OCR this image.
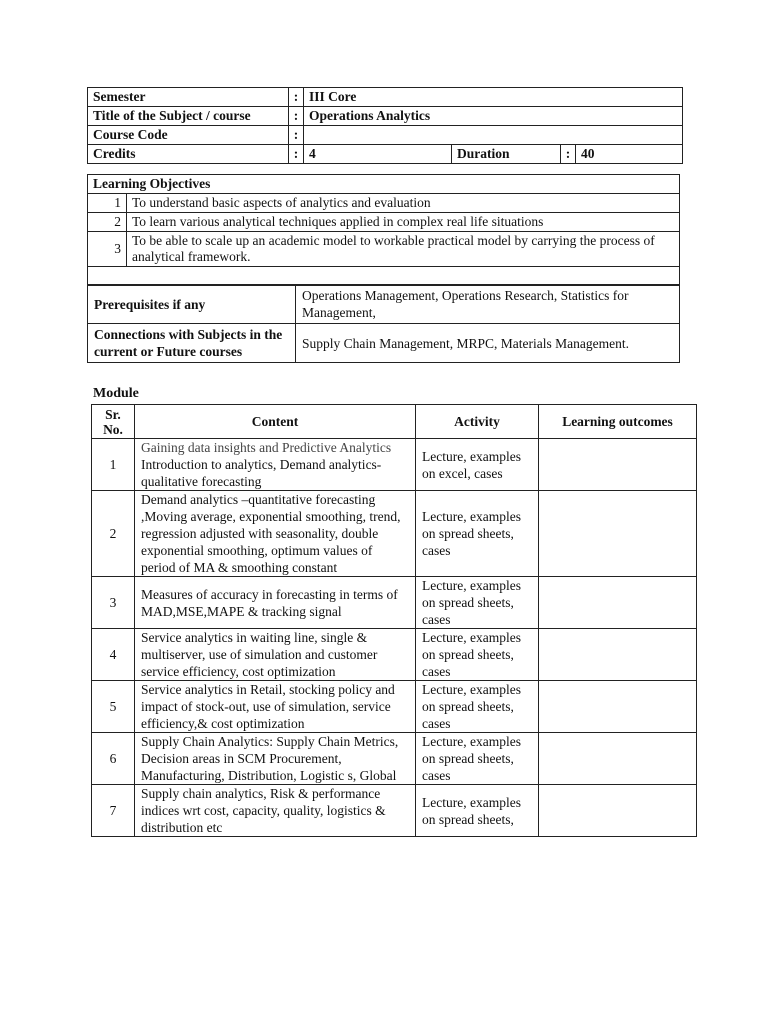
Semester	:	III Core			
Title of the Subject / course	:	Operations Analytics			
Course Code	:				
Credits	:	4	Duration	:	40
Learning Objectives	
1	To understand basic aspects of analytics and evaluation
2	To learn various analytical techniques applied in complex real life situations
3	To be able to scale up an academic model to workable practical model by carrying the process of analytical framework.

Prerequisites if any	Operations Management, Operations Research, Statistics for Management,
Connections with Subjects in the current or Future courses	Supply Chain Management, MRPC, Materials Management.
Module
Sr. No.	Content	Activity	Learning outcomes
1	Gaining data insights and Predictive Analytics
Introduction to analytics, Demand analytics-qualitative forecasting	Lecture, examples on excel, cases	
2	Demand analytics –quantitative forecasting ,Moving average, exponential smoothing, trend, regression adjusted with seasonality, double exponential smoothing, optimum values of period of MA & smoothing constant	Lecture, examples on spread sheets, cases	
3	Measures of accuracy in forecasting in terms of MAD,MSE,MAPE & tracking signal	Lecture, examples on spread sheets, cases	
4	Service analytics in waiting line, single & multiserver, use of simulation and customer service efficiency, cost optimization	Lecture, examples on spread sheets, cases	
5	Service analytics in Retail, stocking policy and impact of stock-out, use of simulation, service efficiency,& cost optimization	Lecture, examples on spread sheets, cases	
6	Supply Chain Analytics: Supply Chain Metrics, Decision areas in SCM Procurement, Manufacturing, Distribution, Logistic s, Global	Lecture, examples on spread sheets, cases	
7	Supply chain analytics, Risk & performance indices wrt cost, capacity, quality, logistics & distribution etc	Lecture, examples on spread sheets,	
